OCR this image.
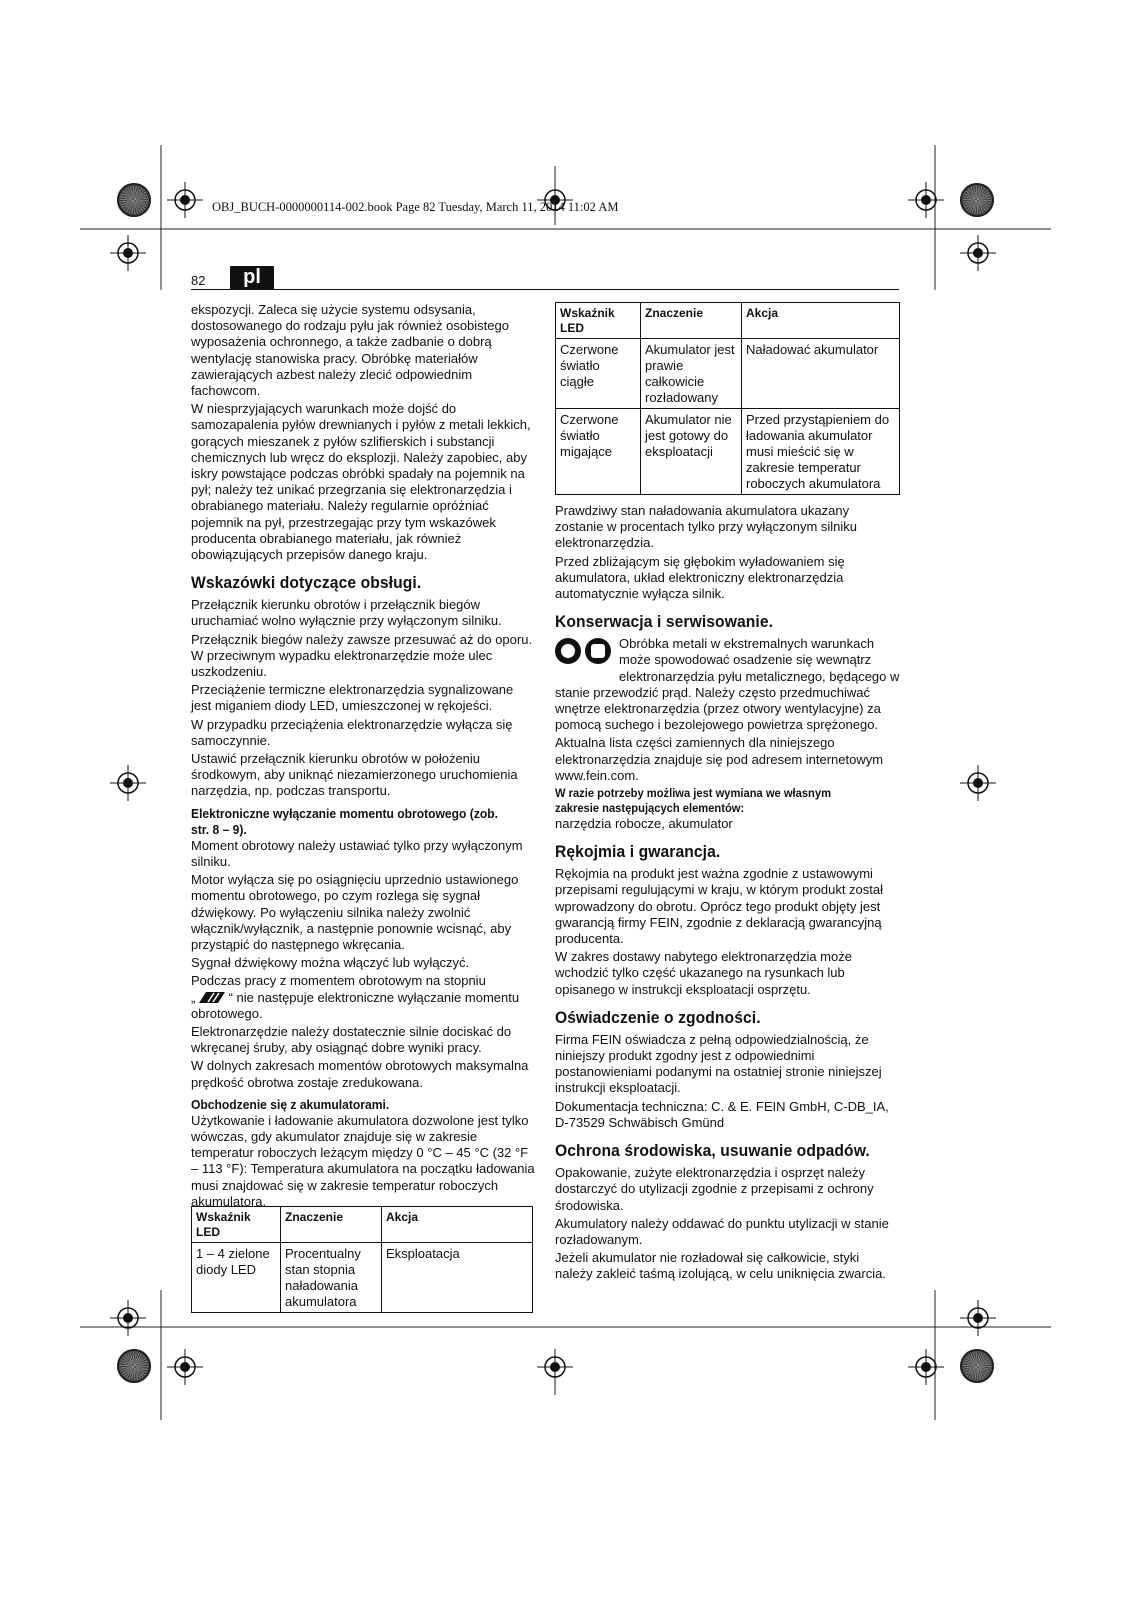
OBJ_BUCH-0000000114-002.book Page 82 Tuesday, March 11, 2014 11:02 AM
82	pl

ekspozycji. Zaleca się użycie systemu odsysania, dostosowanego do rodzaju pyłu jak również osobistego wyposażenia ochronnego, a także zadbanie o dobrą wentylację stanowiska pracy. Obróbkę materiałów zawierających azbest należy zlecić odpowiednim fachowcom.

W niesprzyjających warunkach może dojść do samozapalenia pyłów drewnianych i pyłów z metali lekkich, gorących mieszanek z pyłów szlifierskich i substancji chemicznych lub wręcz do eksplozji. Należy zapobiec, aby iskry powstające podczas obróbki spadały na pojemnik na pył; należy też unikać przegrzania się elektronarzędzia i obrabianego materiału. Należy regularnie opróżniać pojemnik na pył, przestrzegając przy tym wskazówek producenta obrabianego materiału, jak również obowiązujących przepisów danego kraju.

Wskazówki dotyczące obsługi.

Przełącznik kierunku obrotów i przełącznik biegów uruchamiać wolno wyłącznie przy wyłączonym silniku.

Przełącznik biegów należy zawsze przesuwać aż do oporu. W przeciwnym wypadku elektronarzędzie może ulec uszkodzeniu.

Przeciążenie termiczne elektronarzędzia sygnalizowane jest miganiem diody LED, umieszczonej w rękojeści.

W przypadku przeciążenia elektronarzędzie wyłącza się samoczynnie.

Ustawić przełącznik kierunku obrotów w położeniu środkowym, aby uniknąć niezamierzonego uruchomienia narzędzia, np. podczas transportu.

Elektroniczne wyłączanie momentu obrotowego (zob. str. 8 – 9).

Moment obrotowy należy ustawiać tylko przy wyłączonym silniku.

Motor wyłącza się po osiągnięciu uprzednio ustawionego momentu obrotowego, po czym rozlega się sygnał dźwiękowy. Po wyłączeniu silnika należy zwolnić włącznik/wyłącznik, a następnie ponownie wcisnąć, aby przystąpić do następnego wkręcania.

Sygnał dźwiękowy można włączyć lub wyłączyć.

Podczas pracy z momentem obrotowym na stopniu
„	“ nie następuje elektroniczne wyłączanie momentu obrotowego.

Elektronarzędzie należy dostatecznie silnie dociskać do wkręcanej śruby, aby osiągnąć dobre wyniki pracy.

W dolnych zakresach momentów obrotowych maksymalna prędkość obrotwa zostaje zredukowana.

Obchodzenie się z akumulatorami.

Użytkowanie i ładowanie akumulatora dozwolone jest tylko wówczas, gdy akumulator znajduje się w zakresie temperatur roboczych leżącym między 0 °C – 45 °C (32 °F – 113 °F): Temperatura akumulatora na początku ładowania musi znajdować się w zakresie temperatur roboczych akumulatora.

Wskaźnik LED	Znaczenie	Akcja
1 – 4 zielone diody LED	Procentualny stan stopnia naładowania akumulatora	Eksploatacja
Wskaźnik LED	Znaczenie	Akcja
Czerwone światło ciągłe	Akumulator jest prawie całkowicie rozładowany	Naładować akumulator
Czerwone światło migające	Akumulator nie jest gotowy do eksploatacji	Przed przystąpieniem do ładowania akumulator musi mieścić się w zakresie temperatur roboczych akumulatora

Prawdziwy stan naładowania akumulatora ukazany zostanie w procentach tylko przy wyłączonym silniku elektronarzędzia.

Przed zbliżającym się głębokim wyładowaniem się akumulatora, układ elektroniczny elektronarzędzia automatycznie wyłącza silnik.

Konserwacja i serwisowanie.

Obróbka metali w ekstremalnych warunkach może spowodować osadzenie się wewnątrz elektronarzędzia pyłu metalicznego, będącego w stanie przewodzić prąd. Należy często przedmuchiwać wnętrze elektronarzędzia (przez otwory wentylacyjne) za pomocą suchego i bezolejowego powietrza sprężonego.

Aktualna lista części zamiennych dla niniejszego elektronarzędzia znajduje się pod adresem internetowym www.fein.com.

W razie potrzeby możliwa jest wymiana we własnym zakresie następujących elementów:

narzędzia robocze, akumulator

Rękojmia i gwarancja.

Rękojmia na produkt jest ważna zgodnie z ustawowymi przepisami regulującymi w kraju, w którym produkt został wprowadzony do obrotu. Oprócz tego produkt objęty jest gwarancją firmy FEIN, zgodnie z deklaracją gwarancyjną producenta.

W zakres dostawy nabytego elektronarzędzia może wchodzić tylko część ukazanego na rysunkach lub opisanego w instrukcji eksploatacji osprzętu.

Oświadczenie o zgodności.

Firma FEIN oświadcza z pełną odpowiedzialnością, że niniejszy produkt zgodny jest z odpowiednimi postanowieniami podanymi na ostatniej stronie niniejszej instrukcji eksploatacji.

Dokumentacja techniczna: C. & E. FEIN GmbH, C-DB_IA, D-73529 Schwäbisch Gmünd

Ochrona środowiska, usuwanie odpadów.

Opakowanie, zużyte elektronarzędzia i osprzęt należy dostarczyć do utylizacji zgodnie z przepisami z ochrony środowiska.

Akumulatory należy oddawać do punktu utylizacji w stanie rozładowanym.

Jeżeli akumulator nie rozładował się całkowicie, styki należy zakleić taśmą izolującą, w celu uniknięcia zwarcia.
